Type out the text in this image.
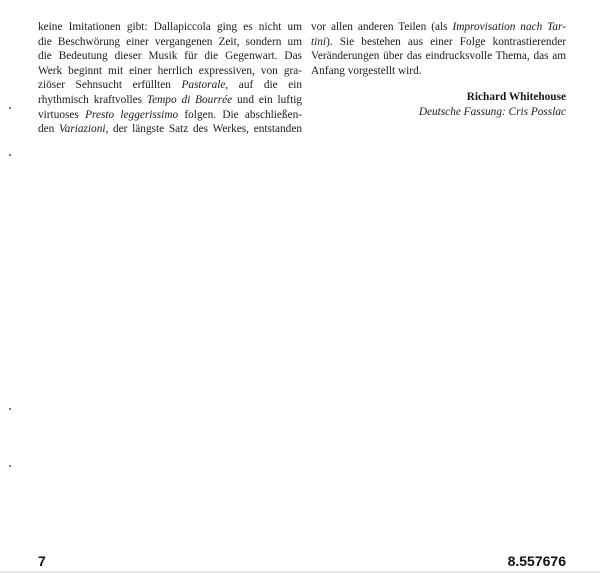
keine Imitationen gibt: Dallapiccola ging es nicht um
die Beschwörung einer vergangenen Zeit, sondern um
die Bedeutung dieser Musik für die Gegenwart. Das
Werk beginnt mit einer herrlich expressiven, von gra-
ziöser Sehnsucht erfüllten Pastorale, auf die ein
rhythmisch kraftvolles Tempo di Bourrée und ein luftig
virtuoses Presto leggerissimo folgen. Die abschließen-
den Variazioni, der längste Satz des Werkes, entstanden

vor allen anderen Teilen (als Improvisation nach Tar-
tini). Sie bestehen aus einer Folge kontrastierender
Veränderungen über das eindrucksvolle Thema, das am
Anfang vorgestellt wird.

Richard Whitehouse
Deutsche Fassung: Cris Posslac
7	8.557676
